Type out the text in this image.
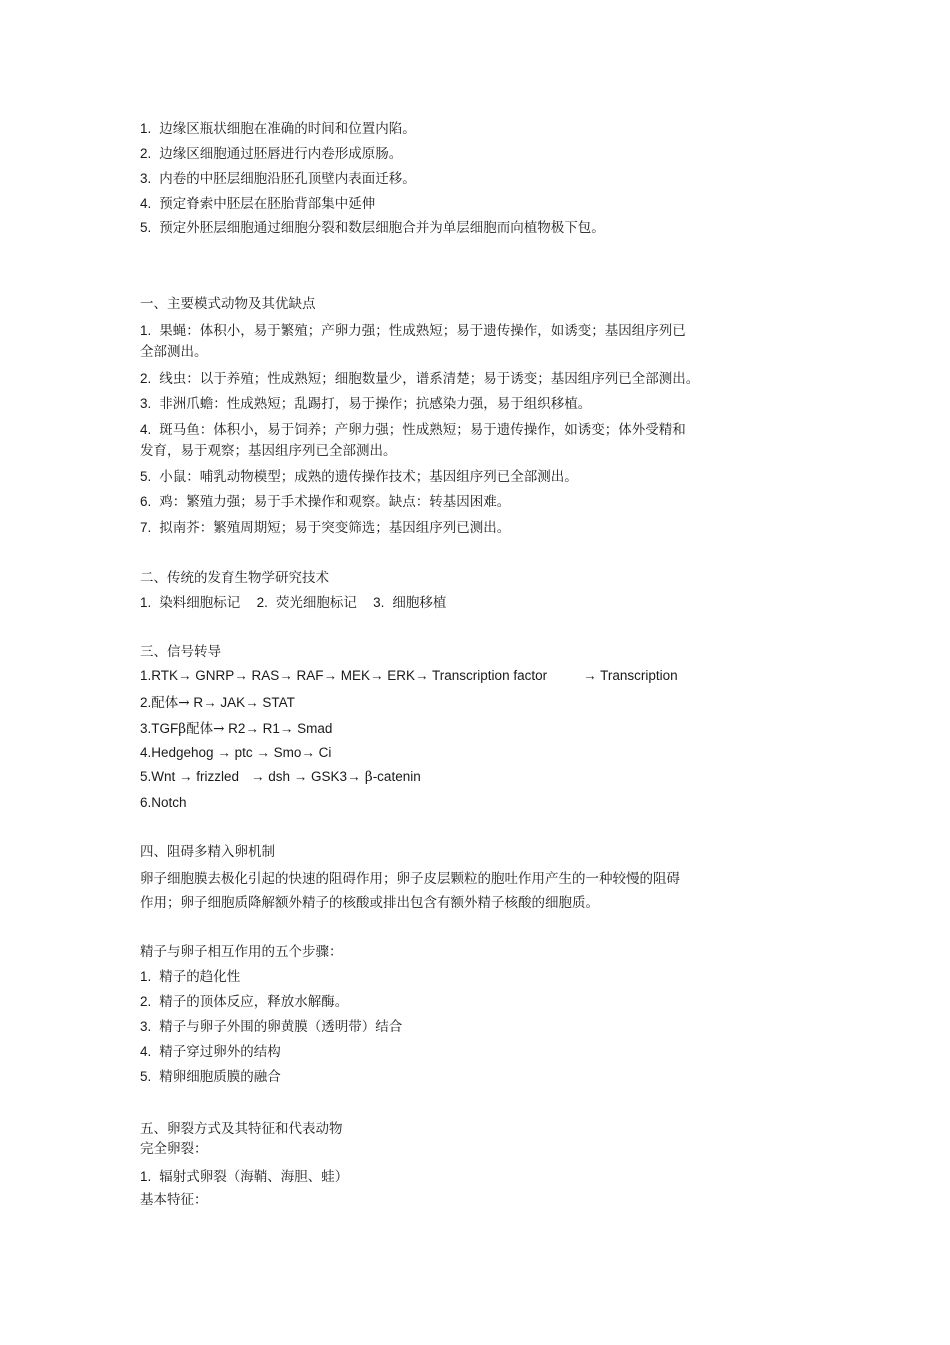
1. 边缘区瓶状细胞在准确的时间和位置内陷。
2. 边缘区细胞通过胚唇进行内卷形成原肠。
3. 内卷的中胚层细胞沿胚孔顶壁内表面迁移。
4. 预定脊索中胚层在胚胎背部集中延伸
5. 预定外胚层细胞通过细胞分裂和数层细胞合并为单层细胞而向植物极下包。
一、主要模式动物及其优缺点
1. 果蝇：体积小，易于繁殖；产卵力强；性成熟短；易于遗传操作，如诱变；基因组序列已
全部测出。
2. 线虫：以于养殖；性成熟短；细胞数量少，谱系清楚；易于诱变；基因组序列已全部测出。
3. 非洲爪蟾：性成熟短；乱踢打，易于操作；抗感染力强，易于组织移植。
4. 斑马鱼：体积小，易于饲养；产卵力强；性成熟短；易于遗传操作，如诱变；体外受精和
发育，易于观察；基因组序列已全部测出。
5. 小鼠：哺乳动物模型；成熟的遗传操作技术；基因组序列已全部测出。
6. 鸡：繁殖力强；易于手术操作和观察。缺点：转基因困难。
7. 拟南芥：繁殖周期短；易于突变筛选；基因组序列已测出。
二、传统的发育生物学研究技术
1. 染料细胞标记 2. 荧光细胞标记 3. 细胞移植
三、信号转导
1.RTK→ GNRP→ RAS→ RAF→ MEK→ ERK→ Transcription factor	→ Transcription
2.配体→ R→ JAK→ STAT
3.TGFβ配体→ R2→ R1→ Smad
4.Hedgehog → ptc → Smo→ Ci
5.Wnt → frizzled → dsh → GSK3→ β-catenin
6.Notch
四、阻碍多精入卵机制
卵子细胞膜去极化引起的快速的阻碍作用；卵子皮层颗粒的胞吐作用产生的一种较慢的阻碍
作用；卵子细胞质降解额外精子的核酸或排出包含有额外精子核酸的细胞质。
精子与卵子相互作用的五个步骤：
1. 精子的趋化性
2. 精子的顶体反应，释放水解酶。
3. 精子与卵子外围的卵黄膜（透明带）结合
4. 精子穿过卵外的结构
5. 精卵细胞质膜的融合
五、卵裂方式及其特征和代表动物
完全卵裂：
1. 辐射式卵裂（海鞘、海胆、蛙）
基本特征：
